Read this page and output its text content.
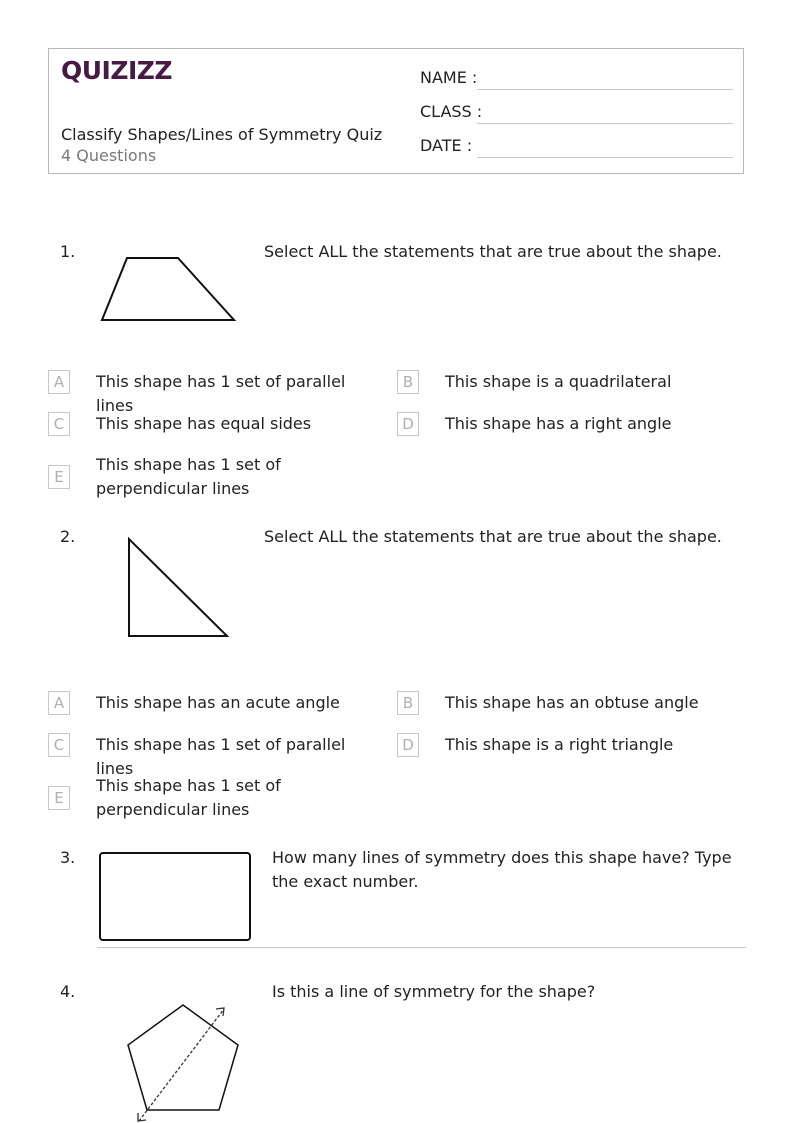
QUIZIZZ
Classify Shapes/Lines of Symmetry Quiz
4 Questions
NAME :
CLASS :
DATE :
1.	Select ALL the statements that are true about the shape.
A	This shape has 1 set of parallel lines
B	This shape is a quadrilateral
C	This shape has equal sides	D	This shape has a right angle
E
This shape has 1 set of perpendicular lines
2.	Select ALL the statements that are true about the shape.
A	This shape has an acute angle	B	This shape has an obtuse angle
C	This shape has 1 set of parallel lines
D	This shape is a right triangle
E
This shape has 1 set of perpendicular lines
3.	How many lines of symmetry does this shape have? Type the exact number.
4.	Is this a line of symmetry for the shape?
